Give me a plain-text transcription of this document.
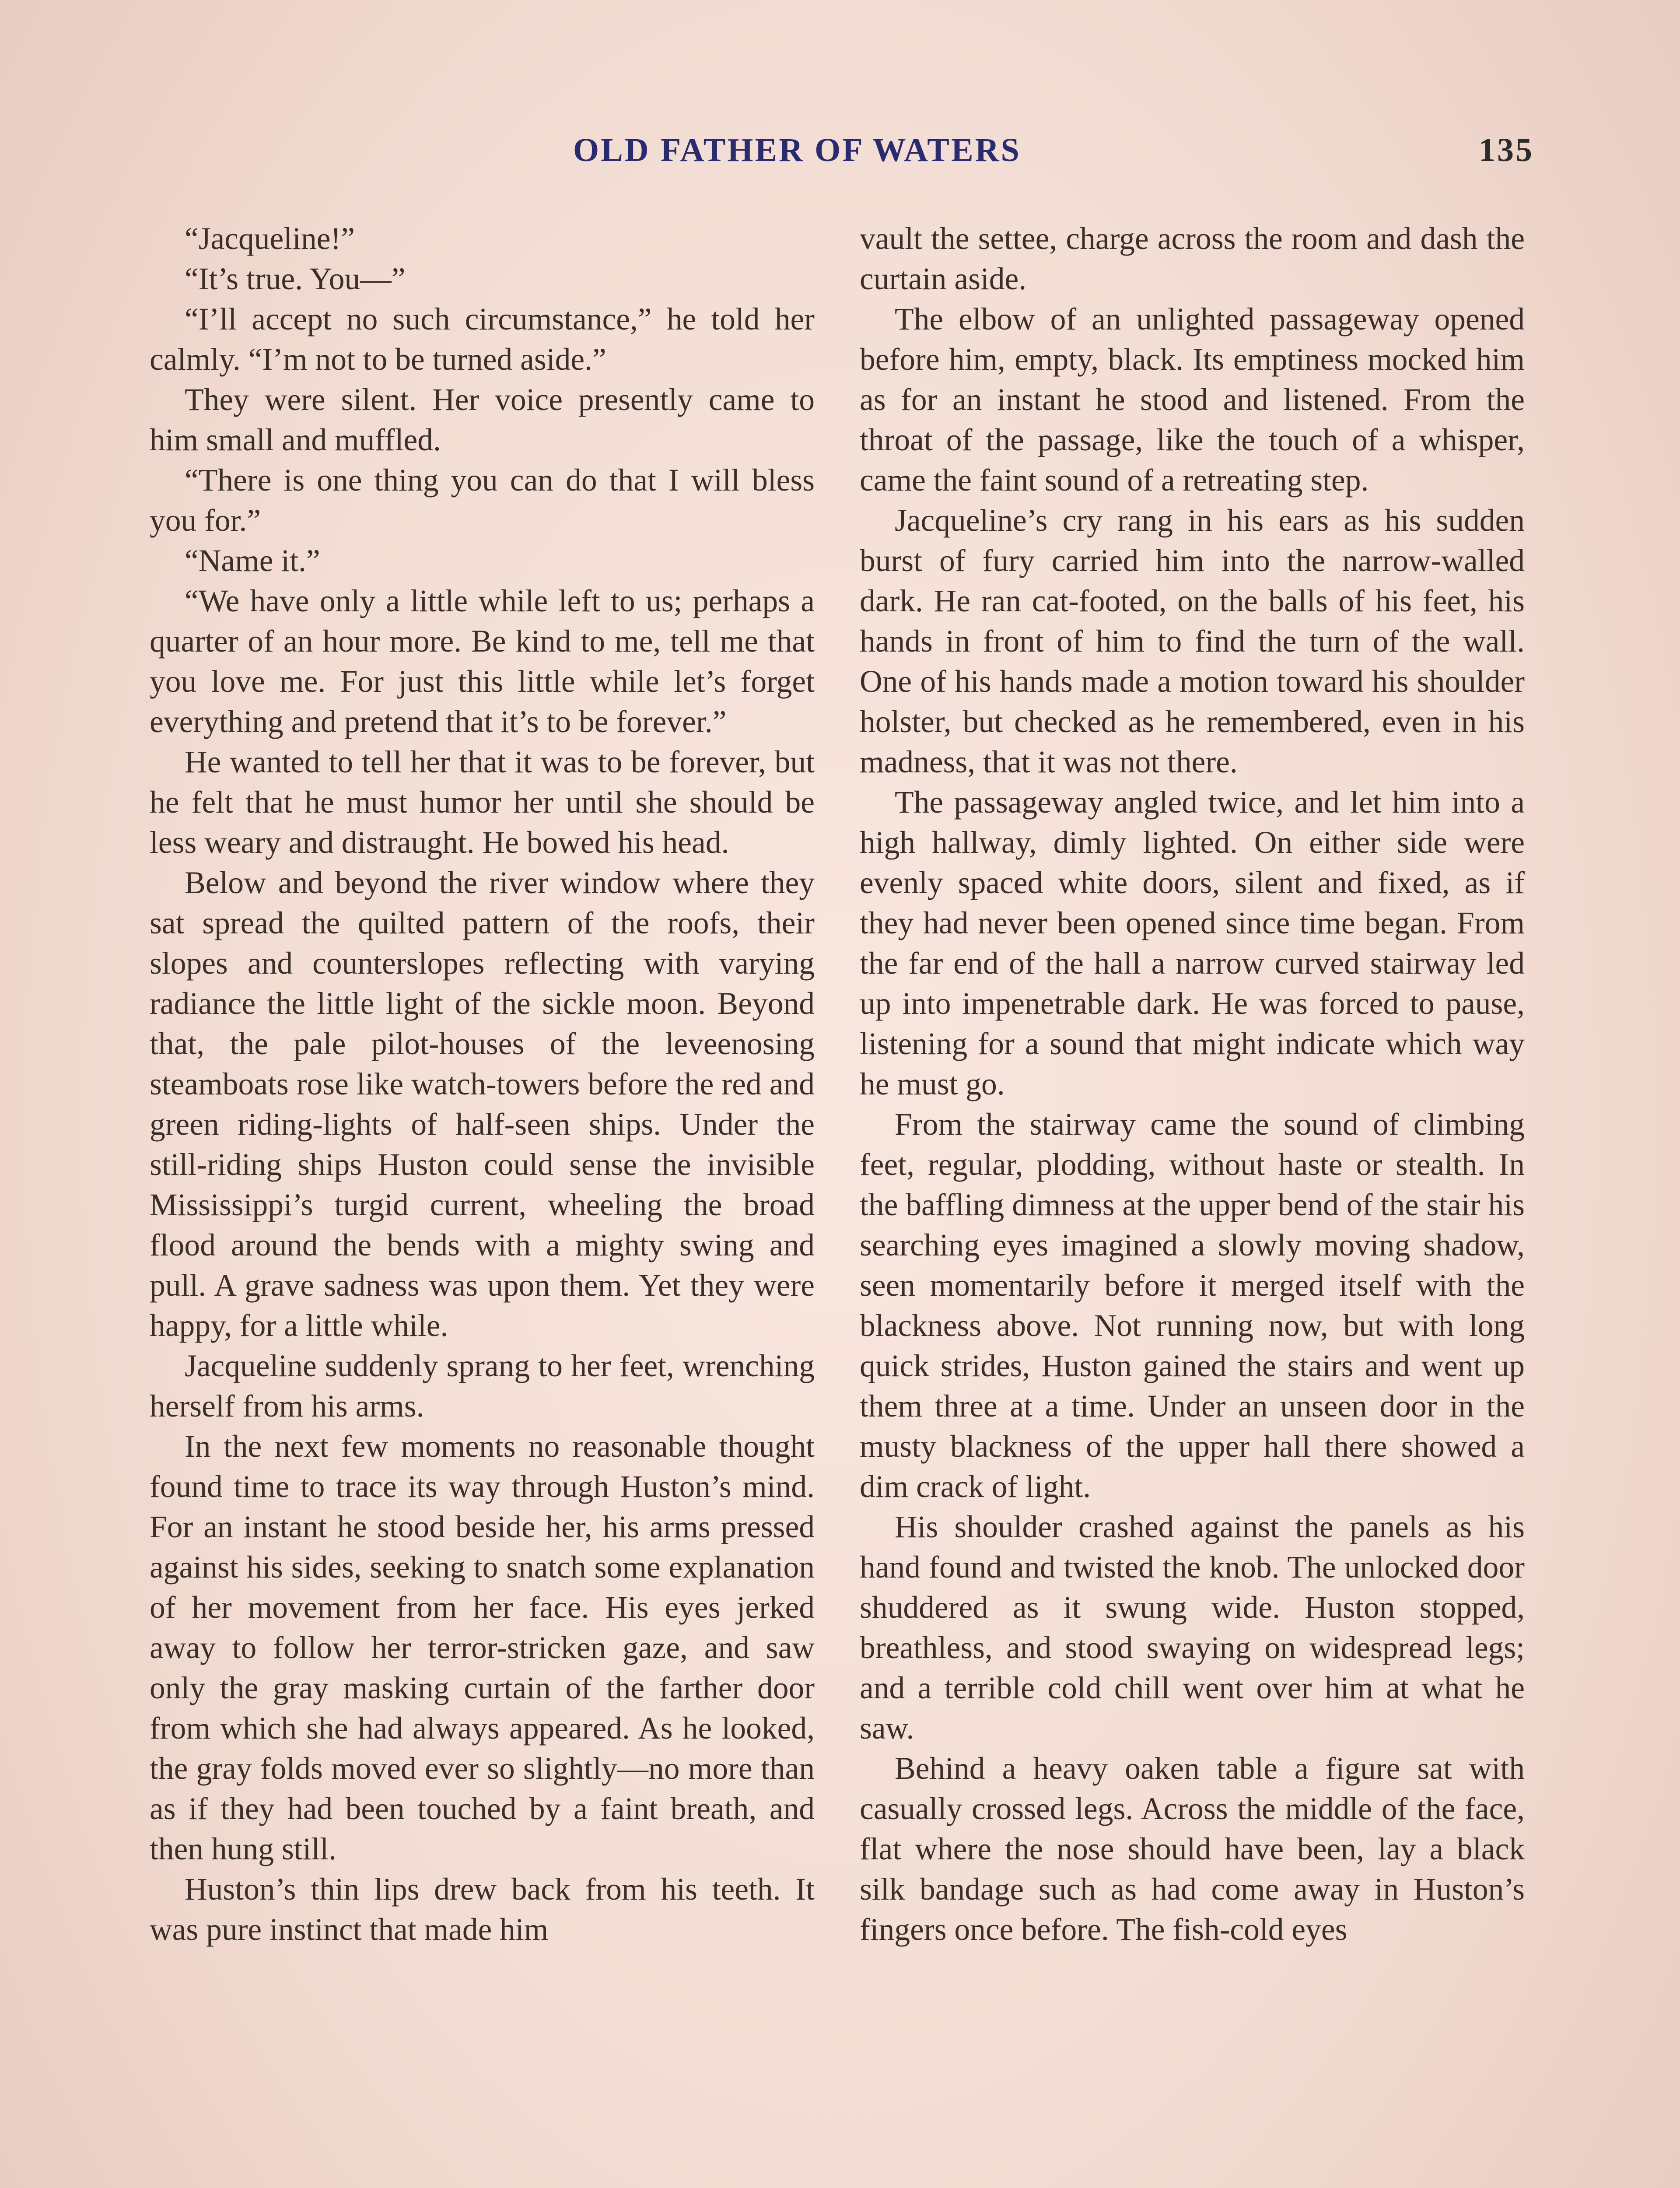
OLD FATHER OF WATERS	135

“Jacqueline!”

“It’s true. You—”

“I’ll accept no such circumstance,” he told her calmly. “I’m not to be turned aside.”

They were silent. Her voice presently came to him small and muffled.

“There is one thing you can do that I will bless you for.”

“Name it.”

“We have only a little while left to us; perhaps a quarter of an hour more. Be kind to me, tell me that you love me. For just this little while let’s forget everything and pretend that it’s to be forever.”

He wanted to tell her that it was to be forever, but he felt that he must humor her until she should be less weary and distraught. He bowed his head.

Below and beyond the river window where they sat spread the quilted pattern of the roofs, their slopes and counterslopes reflecting with varying radiance the little light of the sickle moon. Beyond that, the pale pilot-houses of the leveenosing steamboats rose like watch-towers before the red and green riding-lights of half-seen ships. Under the still-riding ships Huston could sense the invisible Mississippi’s turgid current, wheeling the broad flood around the bends with a mighty swing and pull. A grave sadness was upon them. Yet they were happy, for a little while.

Jacqueline suddenly sprang to her feet, wrenching herself from his arms.

In the next few moments no reasonable thought found time to trace its way through Huston’s mind. For an instant he stood beside her, his arms pressed against his sides, seeking to snatch some explanation of her movement from her face. His eyes jerked away to follow her terror-stricken gaze, and saw only the gray masking curtain of the farther door from which she had always appeared. As he looked, the gray folds moved ever so slightly—no more than as if they had been touched by a faint breath, and then hung still.

Huston’s thin lips drew back from his teeth. It was pure instinct that made him

vault the settee, charge across the room and dash the curtain aside.

The elbow of an unlighted passageway opened before him, empty, black. Its emptiness mocked him as for an instant he stood and listened. From the throat of the passage, like the touch of a whisper, came the faint sound of a retreating step.

Jacqueline’s cry rang in his ears as his sudden burst of fury carried him into the narrow-walled dark. He ran cat-footed, on the balls of his feet, his hands in front of him to find the turn of the wall. One of his hands made a motion toward his shoulder holster, but checked as he remembered, even in his madness, that it was not there.

The passageway angled twice, and let him into a high hallway, dimly lighted. On either side were evenly spaced white doors, silent and fixed, as if they had never been opened since time began. From the far end of the hall a narrow curved stairway led up into impenetrable dark. He was forced to pause, listening for a sound that might indicate which way he must go.

From the stairway came the sound of climbing feet, regular, plodding, without haste or stealth. In the baffling dimness at the upper bend of the stair his searching eyes imagined a slowly moving shadow, seen momentarily before it merged itself with the blackness above. Not running now, but with long quick strides, Huston gained the stairs and went up them three at a time. Under an unseen door in the musty blackness of the upper hall there showed a dim crack of light.

His shoulder crashed against the panels as his hand found and twisted the knob. The unlocked door shuddered as it swung wide. Huston stopped, breathless, and stood swaying on widespread legs; and a terrible cold chill went over him at what he saw.

Behind a heavy oaken table a figure sat with casually crossed legs. Across the middle of the face, flat where the nose should have been, lay a black silk bandage such as had come away in Huston’s fingers once before. The fish-cold eyes
